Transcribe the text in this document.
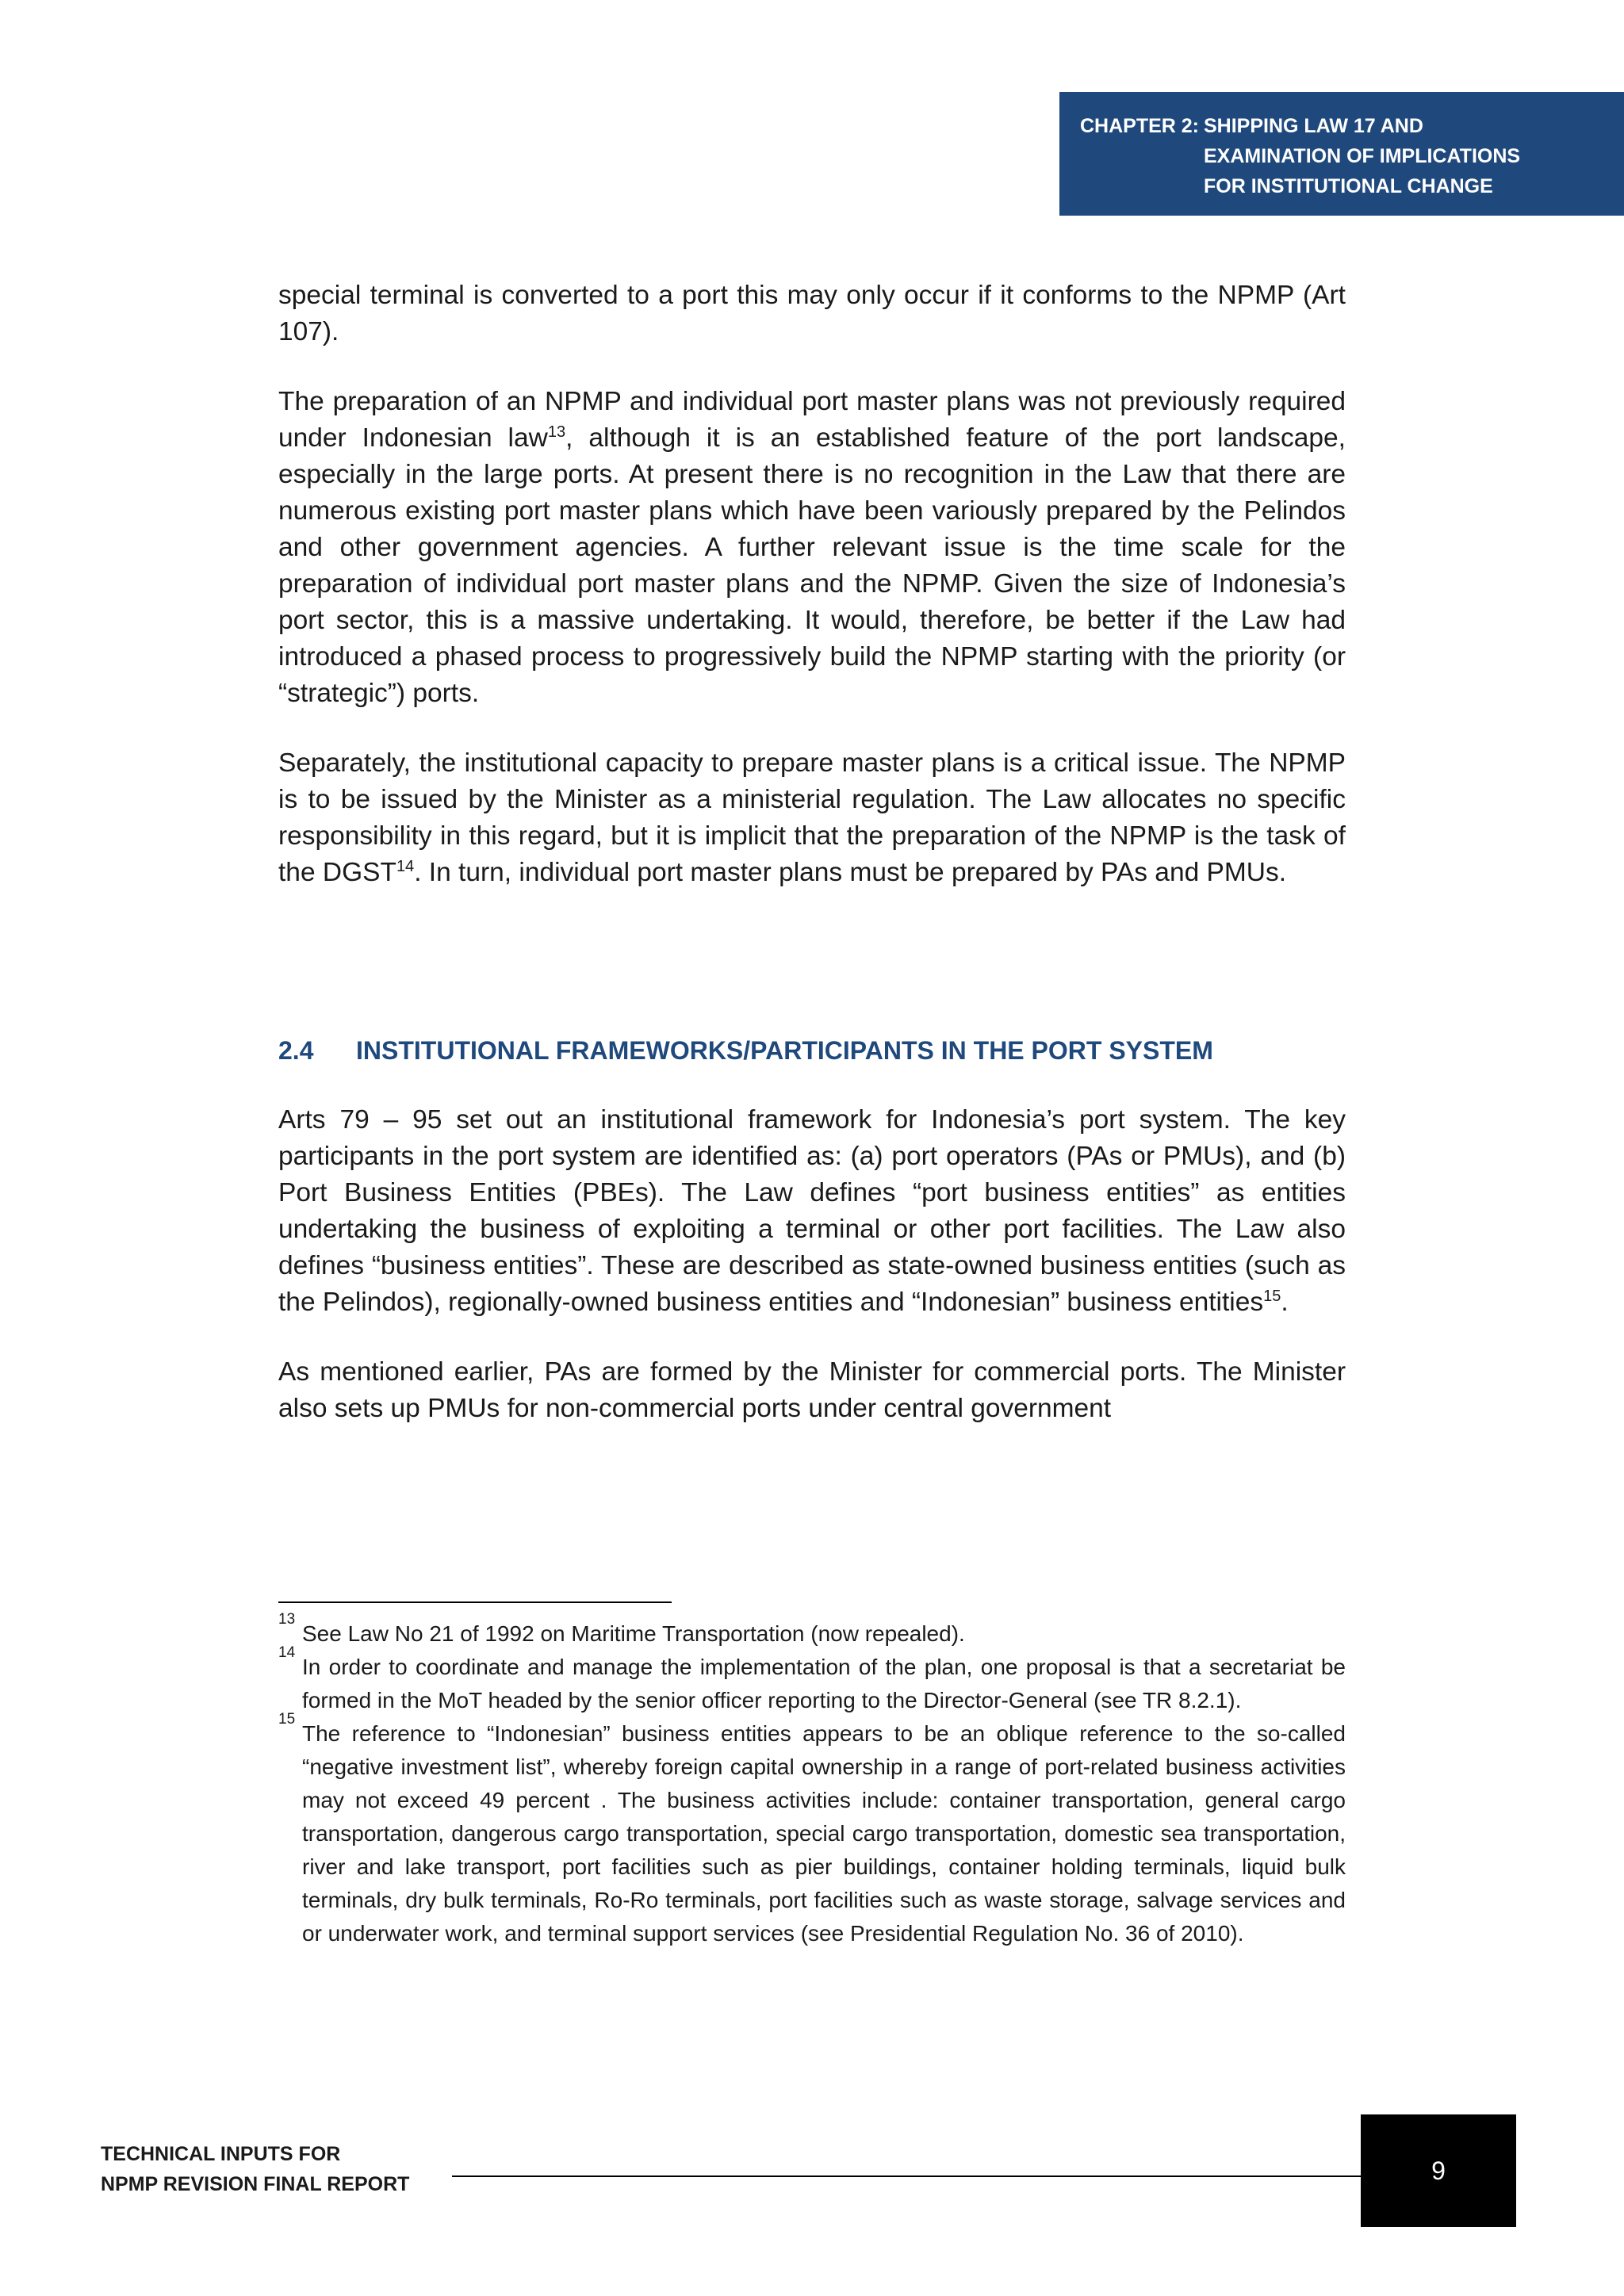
CHAPTER 2: SHIPPING LAW 17 AND
EXAMINATION OF IMPLICATIONS
FOR INSTITUTIONAL CHANGE

special terminal is converted to a port this may only occur if it conforms to the NPMP (Art 107).

The preparation of an NPMP and individual port master plans was not previously required under Indonesian law$^{13}$, although it is an established feature of the port landscape, especially in the large ports. At present there is no recognition in the Law that there are numerous existing port master plans which have been variously prepared by the Pelindos and other government agencies. A further relevant issue is the time scale for the preparation of individual port master plans and the NPMP. Given the size of Indonesia’s port sector, this is a massive undertaking. It would, therefore, be better if the Law had introduced a phased process to progressively build the NPMP starting with the priority (or “strategic”) ports.

Separately, the institutional capacity to prepare master plans is a critical issue. The NPMP is to be issued by the Minister as a ministerial regulation. The Law allocates no specific responsibility in this regard, but it is implicit that the preparation of the NPMP is the task of the DGST$^{14}$. In turn, individual port master plans must be prepared by PAs and PMUs.

2.4 INSTITUTIONAL FRAMEWORKS/PARTICIPANTS IN THE PORT SYSTEM

Arts 79 – 95 set out an institutional framework for Indonesia’s port system. The key participants in the port system are identified as: (a) port operators (PAs or PMUs), and (b) Port Business Entities (PBEs). The Law defines “port business entities” as entities undertaking the business of exploiting a terminal or other port facilities. The Law also defines “business entities”. These are described as state-owned business entities (such as the Pelindos), regionally-owned business entities and “Indonesian” business entities$^{15}$.

As mentioned earlier, PAs are formed by the Minister for commercial ports. The Minister also sets up PMUs for non-commercial ports under central government

13
See Law No 21 of 1992 on Maritime Transportation (now repealed).
14
In order to coordinate and manage the implementation of the plan, one proposal is that a secretariat be formed in the MoT headed by the senior officer reporting to the Director-General (see TR 8.2.1).
15
The reference to “Indonesian” business entities appears to be an oblique reference to the so-called “negative investment list”, whereby foreign capital ownership in a range of port-related business activities may not exceed 49 percent . The business activities include: container transportation, general cargo transportation, dangerous cargo transportation, special cargo transportation, domestic sea transportation, river and lake transport, port facilities such as pier buildings, container holding terminals, liquid bulk terminals, dry bulk terminals, Ro-Ro terminals, port facilities such as waste storage, salvage services and or underwater work, and terminal support services (see Presidential Regulation No. 36 of 2010).
TECHNICAL INPUTS FOR
NPMP REVISION FINAL REPORT	9
